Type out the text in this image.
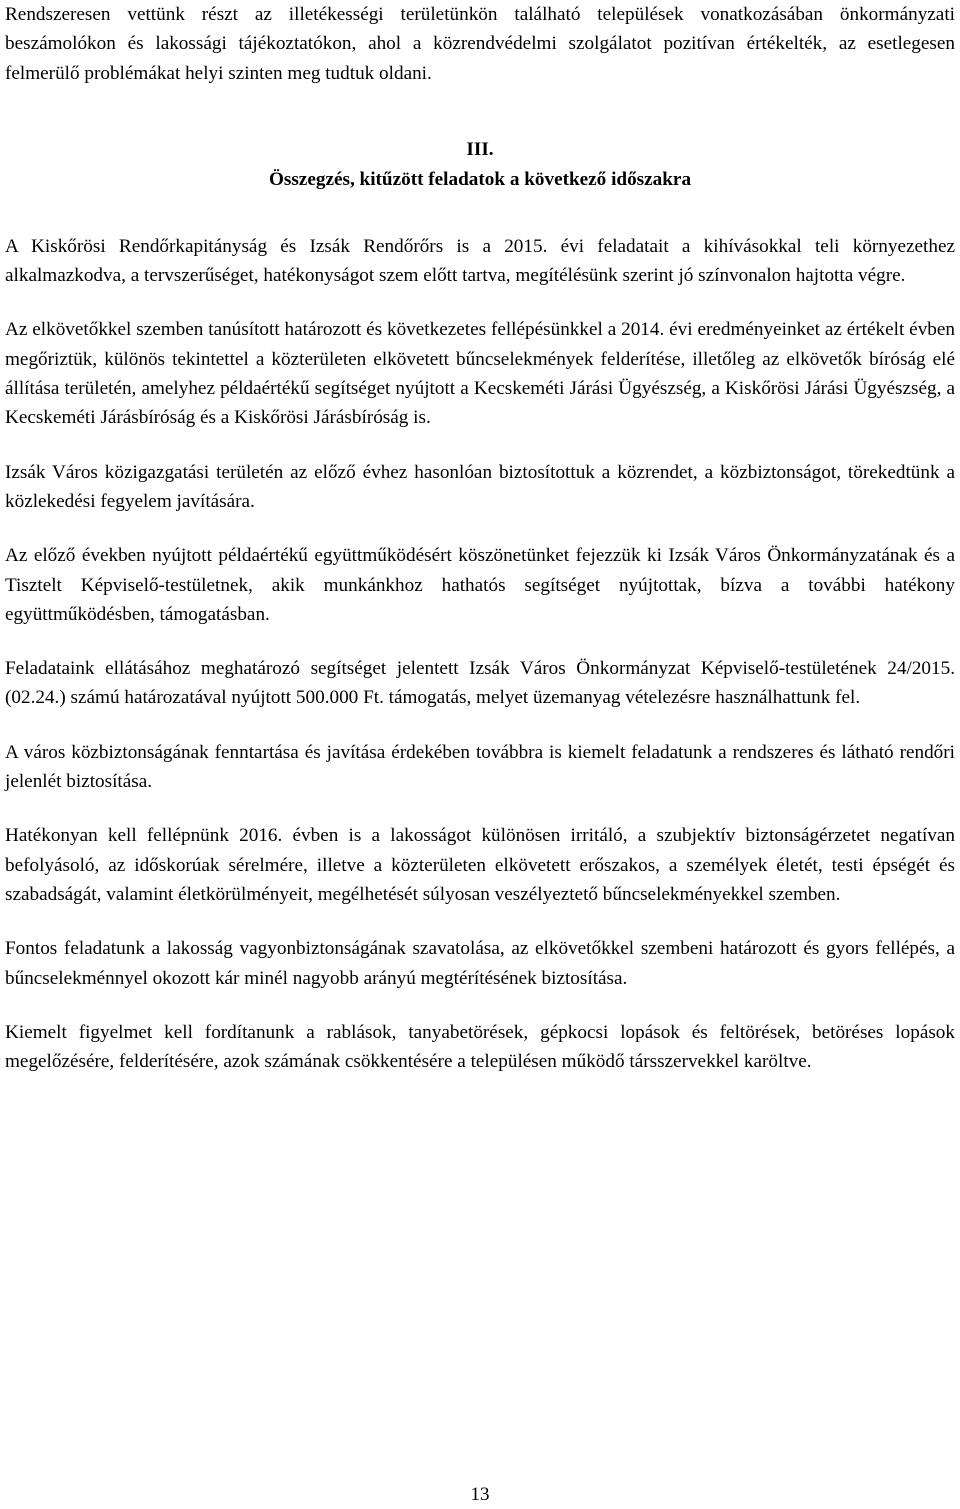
Rendszeresen vettünk részt az illetékességi területünkön található települések vonatkozásában önkormányzati beszámolókon és lakossági tájékoztatókon, ahol a közrendvédelmi szolgálatot pozitívan értékelték, az esetlegesen felmerülő problémákat helyi szinten meg tudtuk oldani.

III.
Összegzés, kitűzött feladatok a következő időszakra

A Kiskőrösi Rendőrkapitányság és Izsák Rendőrőrs is a 2015. évi feladatait a kihívásokkal teli környezethez alkalmazkodva, a tervszerűséget, hatékonyságot szem előtt tartva, megítélésünk szerint jó színvonalon hajtotta végre.

Az elkövetőkkel szemben tanúsított határozott és következetes fellépésünkkel a 2014. évi eredményeinket az értékelt évben megőriztük, különös tekintettel a közterületen elkövetett bűncselekmények felderítése, illetőleg az elkövetők bíróság elé állítása területén, amelyhez példaértékű segítséget nyújtott a Kecskeméti Járási Ügyészség, a Kiskőrösi Járási Ügyészség, a Kecskeméti Járásbíróság és a Kiskőrösi Járásbíróság is.

Izsák Város közigazgatási területén az előző évhez hasonlóan biztosítottuk a közrendet, a közbiztonságot, törekedtünk a közlekedési fegyelem javítására.

Az előző években nyújtott példaértékű együttműködésért köszönetünket fejezzük ki Izsák Város Önkormányzatának és a Tisztelt Képviselő-testületnek, akik munkánkhoz hathatós segítséget nyújtottak, bízva a további hatékony együttműködésben, támogatásban.

Feladataink ellátásához meghatározó segítséget jelentett Izsák Város Önkormányzat Képviselő-testületének 24/2015.(02.24.) számú határozatával nyújtott 500.000 Ft. támogatás, melyet üzemanyag vételezésre használhattunk fel.

A város közbiztonságának fenntartása és javítása érdekében továbbra is kiemelt feladatunk a rendszeres és látható rendőri jelenlét biztosítása.

Hatékonyan kell fellépnünk 2016. évben is a lakosságot különösen irritáló, a szubjektív biztonságérzetet negatívan befolyásoló, az időskorúak sérelmére, illetve a közterületen elkövetett erőszakos, a személyek életét, testi épségét és szabadságát, valamint életkörülményeit, megélhetését súlyosan veszélyeztető bűncselekményekkel szemben.

Fontos feladatunk a lakosság vagyonbiztonságának szavatolása, az elkövetőkkel szembeni határozott és gyors fellépés, a bűncselekménnyel okozott kár minél nagyobb arányú megtérítésének biztosítása.

Kiemelt figyelmet kell fordítanunk a rablások, tanyabetörések, gépkocsi lopások és feltörések, betöréses lopások megelőzésére, felderítésére, azok számának csökkentésére a településen működő társszervekkel karöltve.

13
